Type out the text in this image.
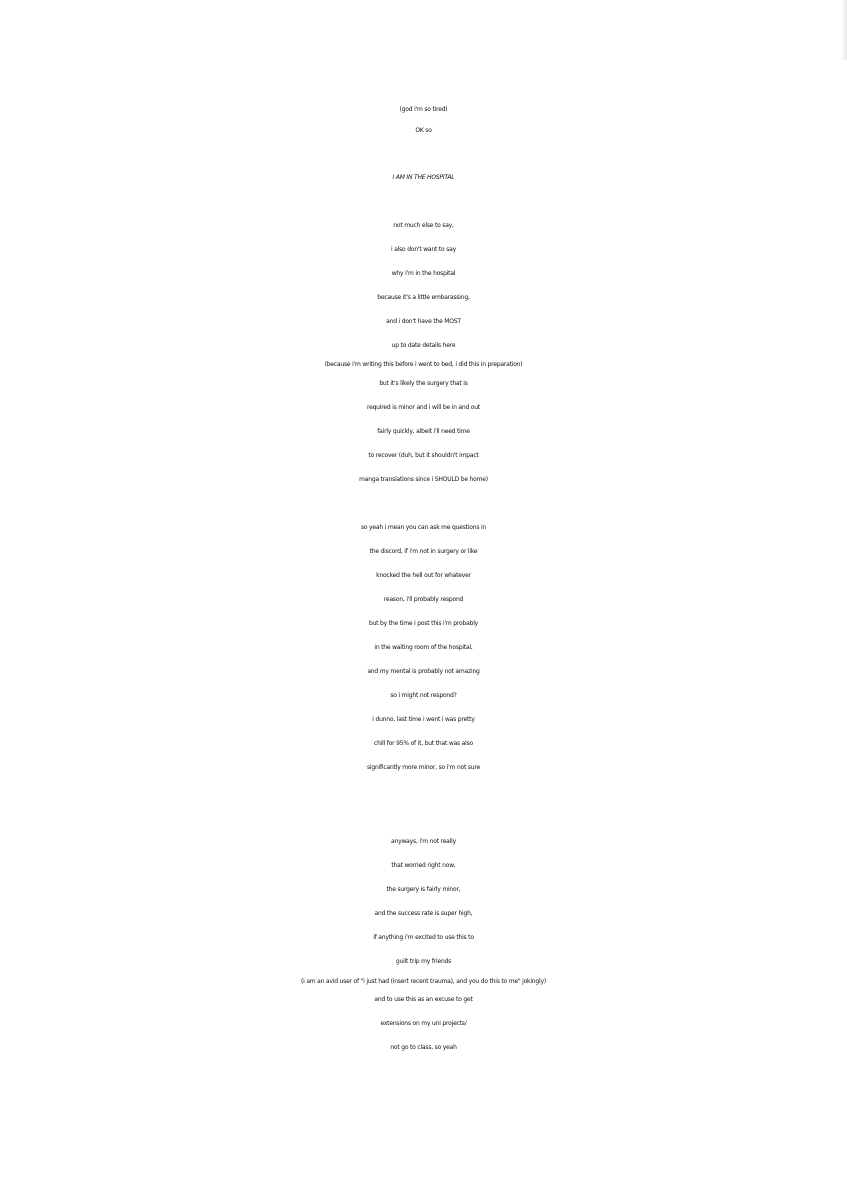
(god i'm so tired)
OK so
I AM IN THE HOSPITAL
not much else to say,
i also don't want to say
why i'm in the hospital
because it's a little embarassing,
and i don't have the MOST
up to date details here
(because i'm writing this before i went to bed, i did this in preparation)
but it's likely the surgery that is
required is minor and i will be in and out
fairly quickly, albeit i'll need time
to recover (duh, but it shouldn't impact
manga translations since i SHOULD be home)
so yeah i mean you can ask me questions in
the discord, if i'm not in surgery or like
knocked the hell out for whatever
reason, i'll probably respond
but by the time i post this i'm probably
in the waiting room of the hospital,
and my mental is probably not amazing
so i might not respond?
i dunno, last time i went i was pretty
chill for 95% of it, but that was also
significantly more minor, so i'm not sure
anyways, i'm not really
that worried right now,
the surgery is fairly minor,
and the success rate is super high,
if anything i'm excited to use this to
guilt trip my friends
(i am an avid user of "i just had (insert recent trauma), and you do this to me" jokingly)
and to use this as an excuse to get
extensions on my uni projects/
not go to class, so yeah
